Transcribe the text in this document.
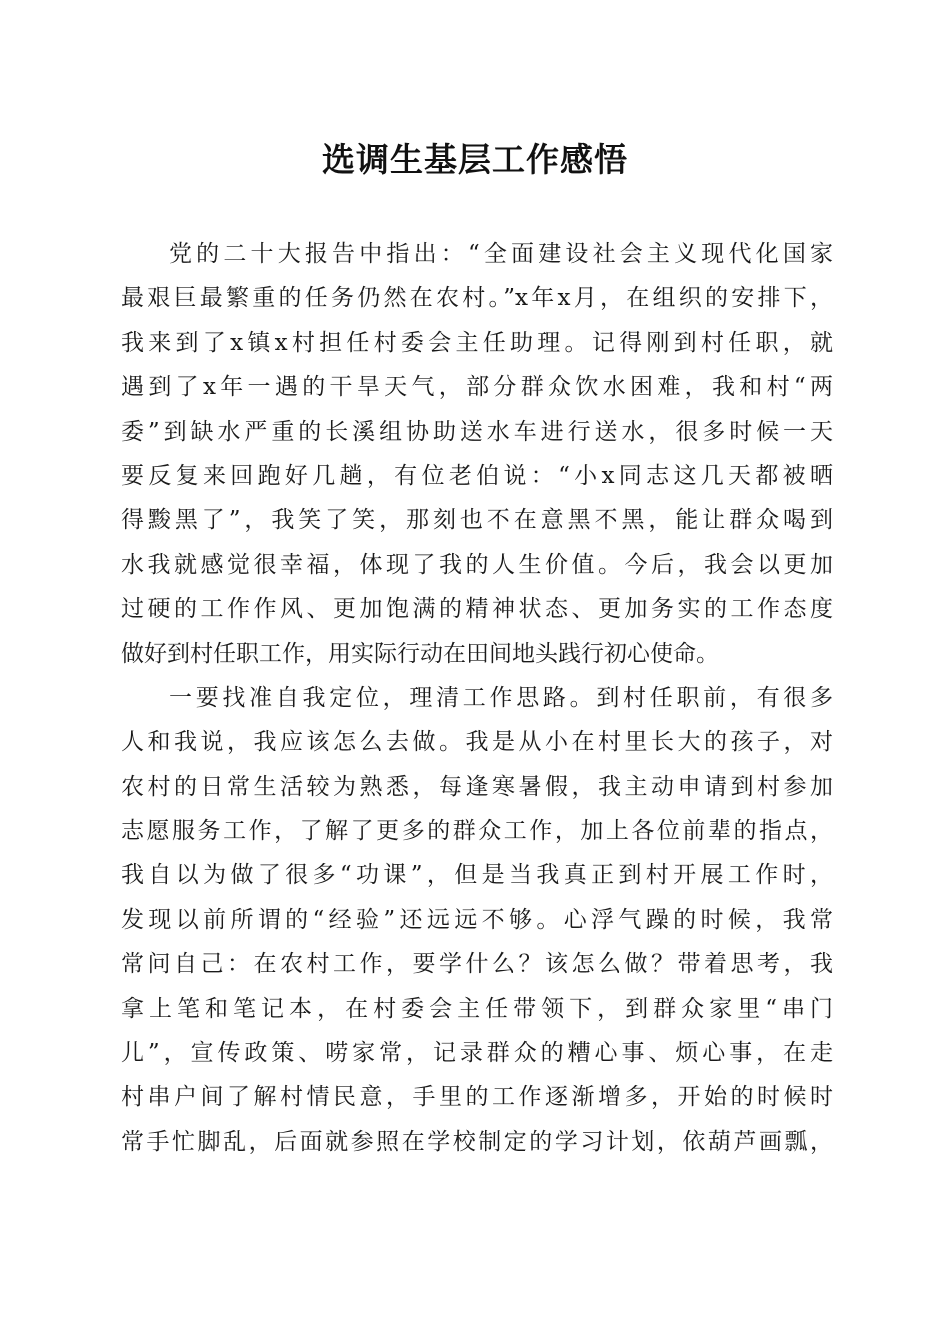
选调生基层工作感悟
党的二十大报告中指出：“全面建设社会主义现代化国家
最艰巨最繁重的任务仍然在农村。”x年x月，在组织的安排下，
我来到了x镇x村担任村委会主任助理。记得刚到村任职，就
遇到了x年一遇的干旱天气，部分群众饮水困难，我和村“两
委”到缺水严重的长溪组协助送水车进行送水，很多时候一天
要反复来回跑好几趟，有位老伯说：“小x同志这几天都被晒
得黢黑了”，我笑了笑，那刻也不在意黑不黑，能让群众喝到
水我就感觉很幸福，体现了我的人生价值。今后，我会以更加
过硬的工作作风、更加饱满的精神状态、更加务实的工作态度
做好到村任职工作，用实际行动在田间地头践行初心使命。
一要找准自我定位，理清工作思路。到村任职前，有很多
人和我说，我应该怎么去做。我是从小在村里长大的孩子，对
农村的日常生活较为熟悉，每逢寒暑假，我主动申请到村参加
志愿服务工作，了解了更多的群众工作，加上各位前辈的指点，
我自以为做了很多“功课”，但是当我真正到村开展工作时，
发现以前所谓的“经验”还远远不够。心浮气躁的时候，我常
常问自己：在农村工作，要学什么？该怎么做？带着思考，我
拿上笔和笔记本，在村委会主任带领下，到群众家里“串门
儿”，宣传政策、唠家常，记录群众的糟心事、烦心事，在走
村串户间了解村情民意，手里的工作逐渐增多，开始的时候时
常手忙脚乱，后面就参照在学校制定的学习计划，依葫芦画瓢，
